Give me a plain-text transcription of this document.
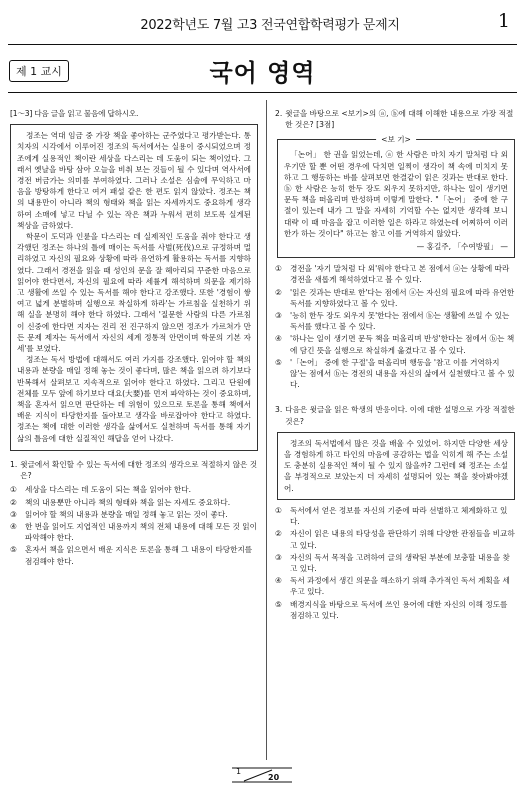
2022학년도 7월 고3 전국연합학력평가 문제지	1
제 1 교시	국어 영역
[1～3] 다음 글을 읽고 물음에 답하시오.

정조는 역대 임금 중 가장 책을 좋아하는 군주였다고 평가받는다. 통치자의 시각에서 이루어진 정조의 독서에서는 실용이 중시되었으며 정조에게 실용적인 책이란 세상을 다스리는 데 도움이 되는 책이었다. 그래서 옛날을 바탕 삼아 오늘을 비춰 보는 것들이 될 수 있다며 역사서에 경전 버금가는 의미를 부여하였다. 그러나 소설은 심술에 무익하고 마음을 방탕하게 한다고 여겨 패설 같은 한 편도 읽지 않았다. 정조는 책의 내용만이 아니라 책의 형태와 책을 읽는 자세까지도 중요하게 생각하여 소매에 넣고 다닐 수 있는 작은 책과 누워서 편히 보도록 실게된 책상을 금하였다.

학문이 도덕과 인륜을 다스리는 데 실제적인 도움을 줘야 한다고 생각했던 정조는 하나의 틀에 매이는 독서를 사벌(死伐)으로 규정하며 멀리하였고 자신의 필요와 상황에 따라 유연하게 활용하는 독서를 지향하였다. 그래서 경전을 읽을 때 성인의 문을 잘 헤아리되 꾸준한 마음으로 읽어야 한다면서, 자신의 필요에 따라 세률게 해석하며 의문을 제기하고 생활에 쓰일 수 있는 독서를 해야 한다고 강조했다. 또한 '경험이 쌓여고 넓게 분별하며 실행으로 착실하게 하라'는 가르침을 실천하기 위해 실을 분명히 해야 한다 하였다. 그래서 '질문한 사람의 다른 가르침이 신중에 한다면 지자는 진리 전 진구하지 않으면 정조가 가르쳐가 만든 문제 제자는 독서에서 자신의 세계 정통적 안면이며 학문의 기본 자세'를 보였다.

정조는 독서 방법에 대해서도 여러 가지를 강조했다. 읽어야 할 책의 내용과 분량을 매일 정해 놓는 것이 좋다며, 많은 책을 읽으려 하기보다 반복해서 살펴보고 지속적으로 읽어야 한다고 하였다. 그리고 단원에 전체를 모두 앞에 하기보다 대요(大要)를 먼저 파악하는 것이 중요하며, 책을 혼자서 읽으면 판단하는 데 위험이 있으므로 토론을 통해 책에서 배운 지식이 타당한지를 돌아보고 생각을 바로잡아야 한다고 하였다. 정조는 책에 대한 이러한 생각을 삶에서도 실천하며 독서를 통해 자기 삶의 틀음에 대한 실질적인 해답을 얻어 나갔다.

1. 윗글에서 확인할 수 있는 독서에 대한 정조의 생각으로 적절하지 않은 것은?
①	세상을 다스리는 데 도움이 되는 책을 읽어야 한다.
②	책의 내용뿐만 아니라 책의 형태와 책을 읽는 자세도 중요하다.
③	읽어야 할 책의 내용과 분량을 매일 정해 놓고 읽는 것이 좋다.
④	한 번을 읽어도 지엽적인 내용까지 책의 전체 내용에 대해 모든 것 읽이 파악해야 한다.
⑤	혼자서 책을 읽으면서 배운 지식은 토론을 통해 그 내용이 타당한지를 점검해야 한다.
2. 윗글을 바탕으로 <보기>의 ⓐ, ⓑ에 대해 이해한 내용으로 가장 적절한 것은? [3점]
<보 기>
「논어」 한 권을 읽었는데, ⓐ 한 사람은 마치 자기 말처럼 다 외우기만 할 뿐 어떤 경우에 닥치면 일찍이 생각이 책 속에 미치지 못하고 그 행동하는 바를 살펴보면 한결같이 읽은 것과는 반대로 한다. ⓑ 한 사람은 능히 한두 장도 외우지 못하지만, 하나는 일이 생기면 문득 책을 떠올리며 반성하며 이렇게 말한다. "「논어」 중에 한 구절이 있는데 내가 그 말을 자세히 기억할 수는 없지만 생각해 보니 대략 이 때 마음을 잡고 이러한 일은 하라고 하였는데 어찌하여 이러한가 하는 것이다" 하고는 참고 이를 거역하지 않았다.
— 홍길주, 「수여방필」 —
①	경전을 '자기 말처럼 다 외'워야 한다고 본 점에서 ⓐ는 상황에 따라 경전을 새롭게 해석하였다고 볼 수 있다.
②	'읽은 것과는 반대로 한'다는 점에서 ⓐ는 자신의 필요에 따라 유연한 독서를 지향하였다고 볼 수 있다.
③	'능히 한두 장도 외우지 못'한다는 점에서 ⓑ는 생활에 쓰일 수 있는 독서를 했다고 볼 수 있다.
④	'하나는 일이 생기면 문득 책을 떠올리며 반성'한다는 점에서 ⓑ는 책에 담긴 뜻을 실행으로 착실하게 옮겼다고 볼 수 있다.
⑤	'「논어」 중에 한 구절'을 떠올리며 행동을 '참고 이를 거역하지 않'는 점에서 ⓑ는 경전의 내용을 자신의 삶에서 실천했다고 볼 수 있다.
3. 다음은 윗글을 읽은 학생의 반응이다. 이에 대한 설명으로 가장 적절한 것은?
정조의 독서법에서 많은 것을 배울 수 있었어. 하지만 다양한 세상을 경험하게 하고 타인의 마음에 공감하는 법을 익히게 해 주는 소설도 충분히 실용적인 책이 될 수 있지 않을까? 그런데 왜 정조는 소설을 부정적으로 보았는지 더 자세히 설명되어 있는 책을 찾아봐야겠어.
①	독서에서 얻은 정보를 자신의 기준에 따라 선별하고 체계화하고 있다.
②	자신이 읽은 내용의 타당성을 판단하기 위해 다양한 관점들을 비교하고 있다.
③	자신의 독서 목적을 고려하여 글의 생략된 부분에 보충할 내용을 찾고 있다.
④	독서 과정에서 생긴 의문을 해소하기 위해 추가적인 독서 계획을 세우고 있다.
⑤	배경지식을 바탕으로 독서에 쓰인 용어에 대한 자신의 이해 정도를 점검하고 있다.
1
20
